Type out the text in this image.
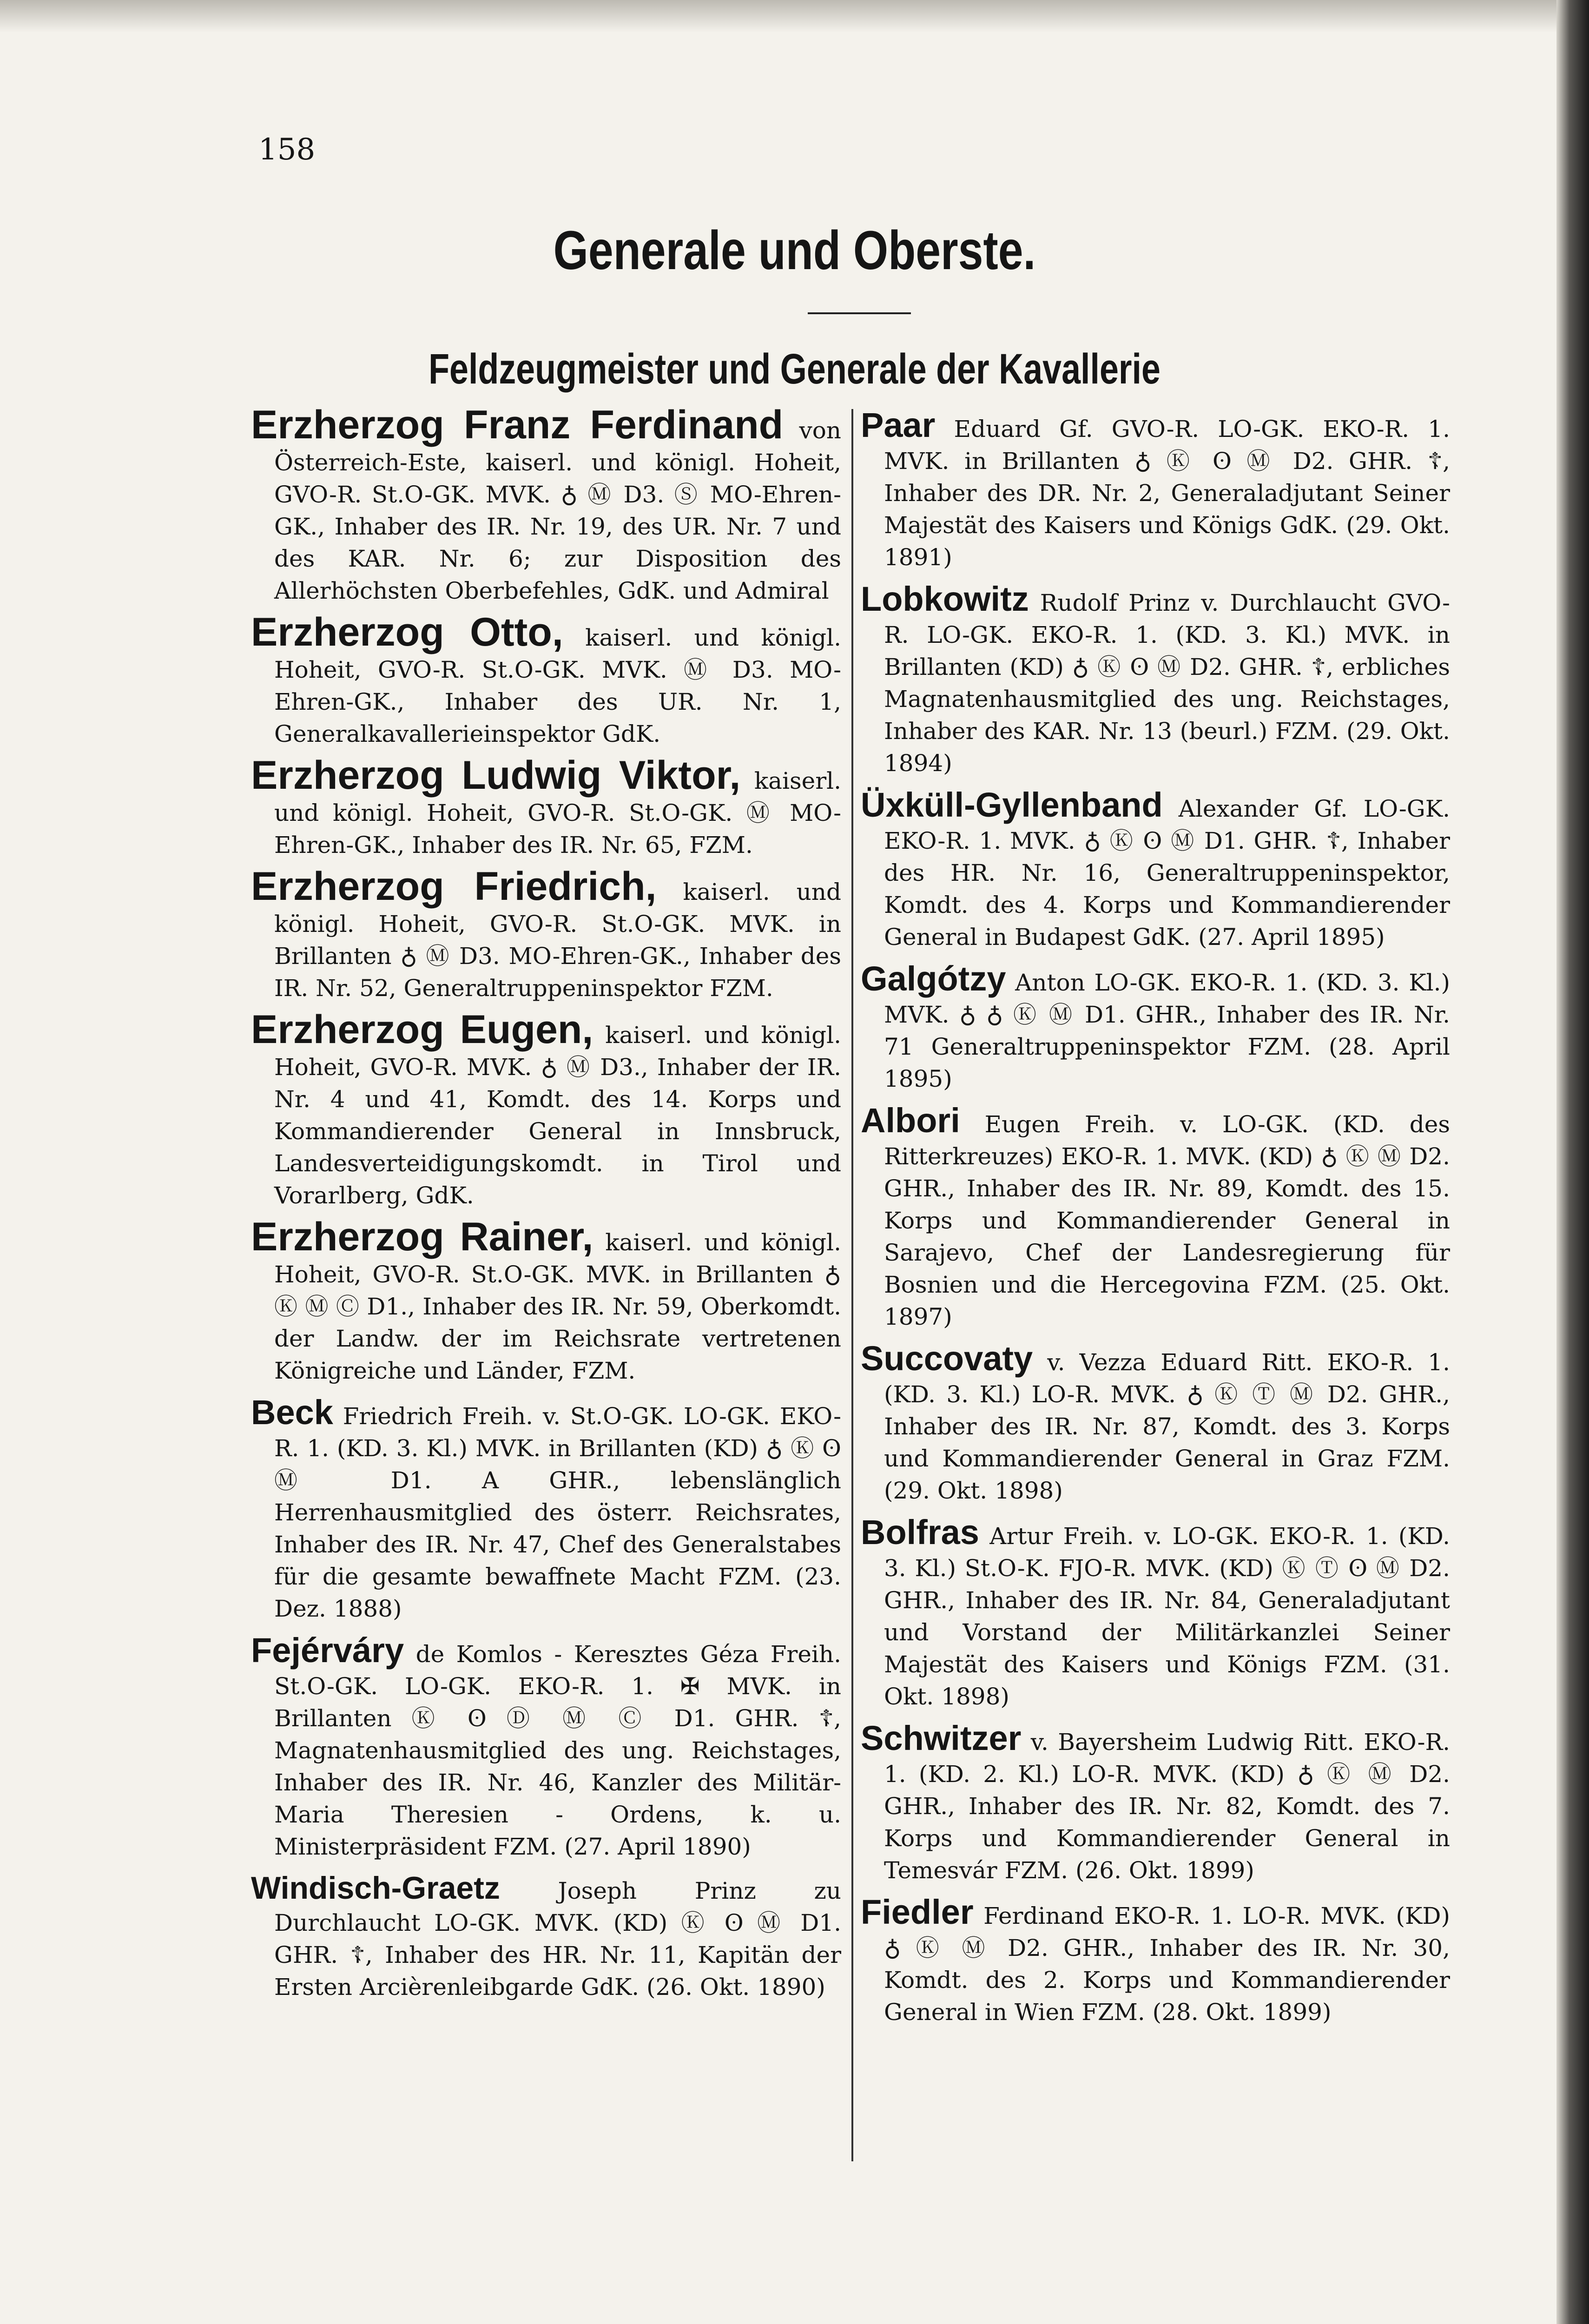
158
Generale und Oberste.
Feldzeugmeister und Generale der Kavallerie

Erzherzog Franz Ferdinand von Österreich-Este, kaiserl. und königl. Hoheit, GVO-R. St.O-GK. MVK. ♁ Ⓜ D3. Ⓢ MO-Ehren-GK., Inhaber des IR. Nr. 19, des UR. Nr. 7 und des KAR. Nr. 6; zur Disposition des Allerhöchsten Oberbefehles, GdK. und Admiral

Erzherzog Otto, kaiserl. und königl. Hoheit, GVO-R. St.O-GK. MVK. Ⓜ D3. MO-Ehren-GK., Inhaber des UR. Nr. 1, Generalkavallerieinspektor GdK.

Erzherzog Ludwig Viktor, kaiserl. und königl. Hoheit, GVO-R. St.O-GK. Ⓜ MO-Ehren-GK., Inhaber des IR. Nr. 65, FZM.

Erzherzog Friedrich, kaiserl. und königl. Hoheit, GVO-R. St.O-GK. MVK. in Brillanten ♁ Ⓜ D3. MO-Ehren-GK., Inhaber des IR. Nr. 52, Generaltruppeninspektor FZM.

Erzherzog Eugen, kaiserl. und königl. Hoheit, GVO-R. MVK. ♁ Ⓜ D3., Inhaber der IR. Nr. 4 und 41, Komdt. des 14. Korps und Kommandierender General in Innsbruck, Landesverteidigungskomdt. in Tirol und Vorarlberg, GdK.

Erzherzog Rainer, kaiserl. und königl. Hoheit, GVO-R. St.O-GK. MVK. in Brillanten ♁ Ⓚ Ⓜ Ⓒ D1., Inhaber des IR. Nr. 59, Oberkomdt. der Landw. der im Reichsrate vertretenen Königreiche und Länder, FZM.

Beck Friedrich Freih. v. St.O-GK. LO-GK. EKO-R. 1. (KD. 3. Kl.) MVK. in Brillanten (KD) ♁ Ⓚ ʘ Ⓜ D1. A GHR., lebenslänglich Herrenhausmitglied des österr. Reichsrates, Inhaber des IR. Nr. 47, Chef des Generalstabes für die gesamte bewaffnete Macht FZM. (23. Dez. 1888)

Fejérváry de Komlos - Keresztes Géza Freih. St.O-GK. LO-GK. EKO-R. 1. ✠ MVK. in Brillanten Ⓚ ʘ Ⓓ Ⓜ Ⓒ D1. GHR. ☦, Magnatenhausmitglied des ung. Reichstages, Inhaber des IR. Nr. 46, Kanzler des Militär-Maria Theresien - Ordens, k. u. Ministerpräsident FZM. (27. April 1890)

Windisch-Graetz Joseph Prinz zu Durchlaucht LO-GK. MVK. (KD) Ⓚ ʘ Ⓜ D1. GHR. ☦, Inhaber des HR. Nr. 11, Kapitän der Ersten Arcièrenleibgarde GdK. (26. Okt. 1890)

Paar Eduard Gf. GVO-R. LO-GK. EKO-R. 1. MVK. in Brillanten ♁ Ⓚ ʘ Ⓜ D2. GHR. ☦, Inhaber des DR. Nr. 2, Generaladjutant Seiner Majestät des Kaisers und Königs GdK. (29. Okt. 1891)

Lobkowitz Rudolf Prinz v. Durchlaucht GVO-R. LO-GK. EKO-R. 1. (KD. 3. Kl.) MVK. in Brillanten (KD) ♁ Ⓚ ʘ Ⓜ D2. GHR. ☦, erbliches Magnatenhausmitglied des ung. Reichstages, Inhaber des KAR. Nr. 13 (beurl.) FZM. (29. Okt. 1894)

Üxküll-Gyllenband Alexander Gf. LO-GK. EKO-R. 1. MVK. ♁ Ⓚ ʘ Ⓜ D1. GHR. ☦, Inhaber des HR. Nr. 16, Generaltruppeninspektor, Komdt. des 4. Korps und Kommandierender General in Budapest GdK. (27. April 1895)

Galgótzy Anton LO-GK. EKO-R. 1. (KD. 3. Kl.) MVK. ♁ ♁ Ⓚ Ⓜ D1. GHR., Inhaber des IR. Nr. 71 Generaltruppeninspektor FZM. (28. April 1895)

Albori Eugen Freih. v. LO-GK. (KD. des Ritterkreuzes) EKO-R. 1. MVK. (KD) ♁ Ⓚ Ⓜ D2. GHR., Inhaber des IR. Nr. 89, Komdt. des 15. Korps und Kommandierender General in Sarajevo, Chef der Landesregierung für Bosnien und die Hercegovina FZM. (25. Okt. 1897)

Succovaty v. Vezza Eduard Ritt. EKO-R. 1. (KD. 3. Kl.) LO-R. MVK. ♁ Ⓚ Ⓣ Ⓜ D2. GHR., Inhaber des IR. Nr. 87, Komdt. des 3. Korps und Kommandierender General in Graz FZM. (29. Okt. 1898)

Bolfras Artur Freih. v. LO-GK. EKO-R. 1. (KD. 3. Kl.) St.O-K. FJO-R. MVK. (KD) Ⓚ Ⓣ ʘ Ⓜ D2. GHR., Inhaber des IR. Nr. 84, Generaladjutant und Vorstand der Militärkanzlei Seiner Majestät des Kaisers und Königs FZM. (31. Okt. 1898)

Schwitzer v. Bayersheim Ludwig Ritt. EKO-R. 1. (KD. 2. Kl.) LO-R. MVK. (KD) ♁ Ⓚ Ⓜ D2. GHR., Inhaber des IR. Nr. 82, Komdt. des 7. Korps und Kommandierender General in Temesvár FZM. (26. Okt. 1899)

Fiedler Ferdinand EKO-R. 1. LO-R. MVK. (KD) ♁ Ⓚ Ⓜ D2. GHR., Inhaber des IR. Nr. 30, Komdt. des 2. Korps und Kommandierender General in Wien FZM. (28. Okt. 1899)
